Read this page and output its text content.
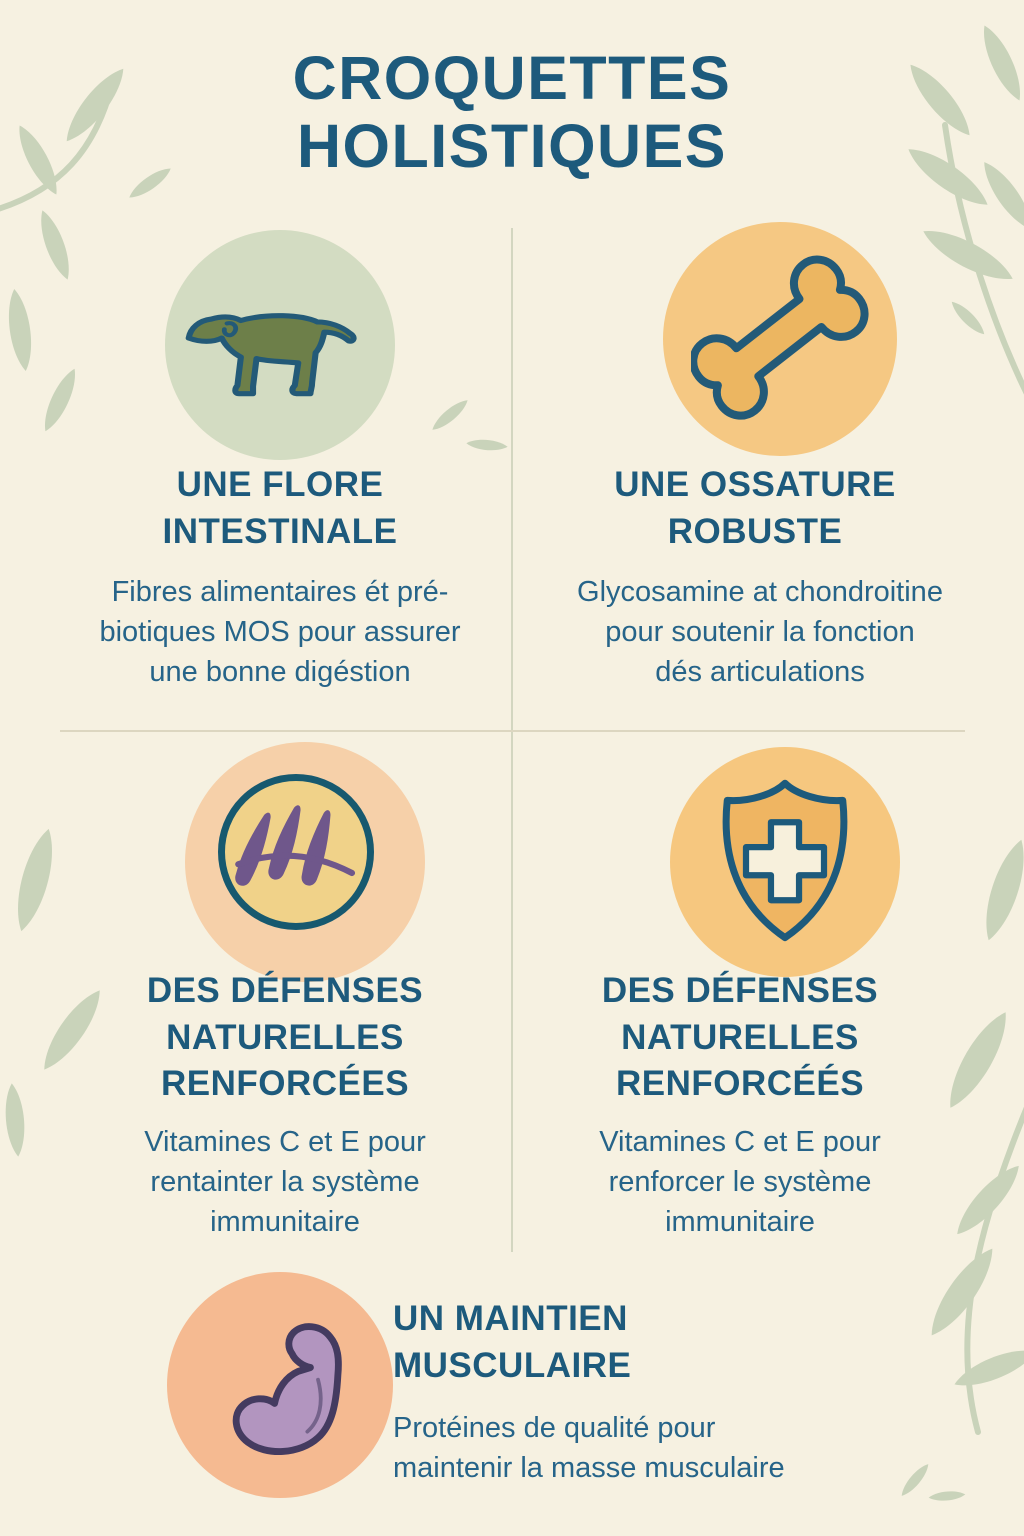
CROQUETTES
HOLISTIQUES
UNE FLORE
INTESTINALE

Fibres alimentaires ét pré-
biotiques MOS pour assurer
une bonne digéstion

UNE OSSATURE
ROBUSTE

Glycosamine at chondroitine
pour soutenir la fonction
dés articulations

DES DÉFENSES
NATURELLES
RENFORCÉES

Vitamines C et E pour
rentainter la système
immunitaire

DES DÉFENSES
NATURELLES
RENFORCÉÉS

Vitamines C et E pour
renforcer le système
immunitaire

UN MAINTIEN
MUSCULAIRE

Protéines de qualité pour
maintenir la masse musculaire
